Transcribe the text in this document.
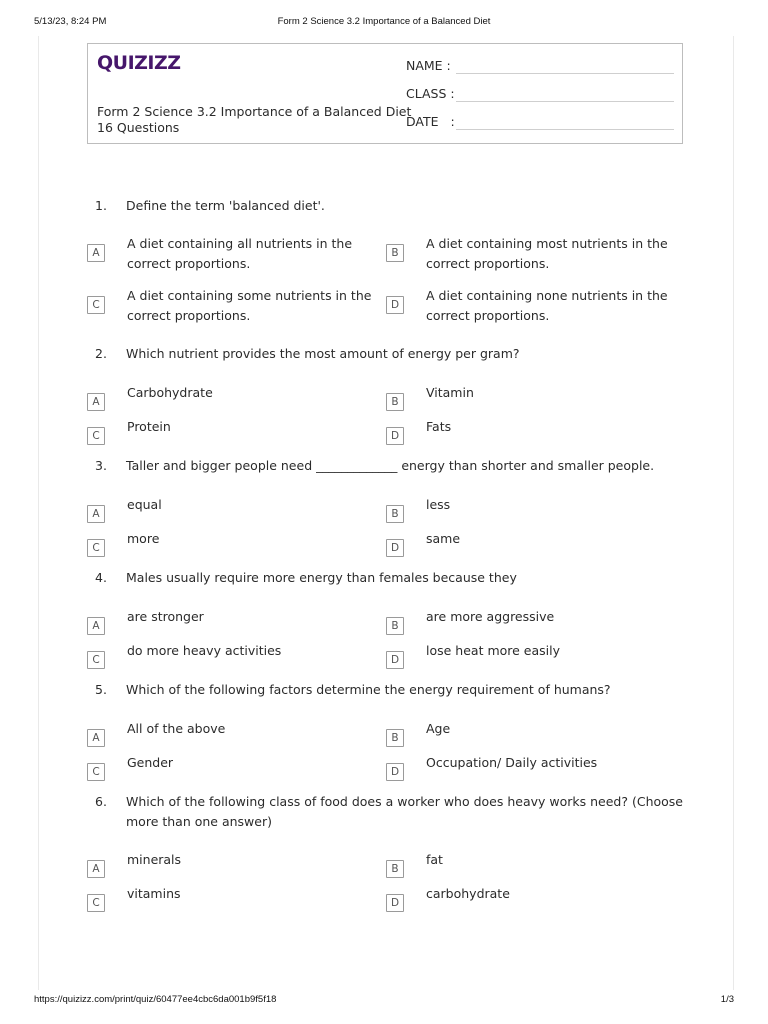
5/13/23, 8:24 PM	Form 2 Science 3.2 Importance of a Balanced Diet
QUIZIZZ
Form 2 Science 3.2 Importance of a Balanced Diet
16 Questions
NAME :
CLASS :
DATE   :
1. Define the term 'balanced diet'.
A
A diet containing all nutrients in the correct proportions.
B
A diet containing most nutrients in the correct proportions.
C
A diet containing some nutrients in the correct proportions.
D
A diet containing none nutrients in the correct proportions.
2. Which nutrient provides the most amount of energy per gram?
A
Carbohydrate
B
Vitamin
C
Protein
D
Fats
3. Taller and bigger people need _____________ energy than shorter and smaller people.
A
equal
B
less
C
more
D
same
4. Males usually require more energy than females because they
A
are stronger
B
are more aggressive
C
do more heavy activities
D
lose heat more easily
5. Which of the following factors determine the energy requirement of humans?
A
All of the above
B
Age
C
Gender
D
Occupation/ Daily activities
6. Which of the following class of food does a worker who does heavy works need? (Choose more than one answer)
A
minerals
B
fat
C
vitamins
D
carbohydrate
https://quizizz.com/print/quiz/60477ee4cbc6da001b9f5f18	1/3
